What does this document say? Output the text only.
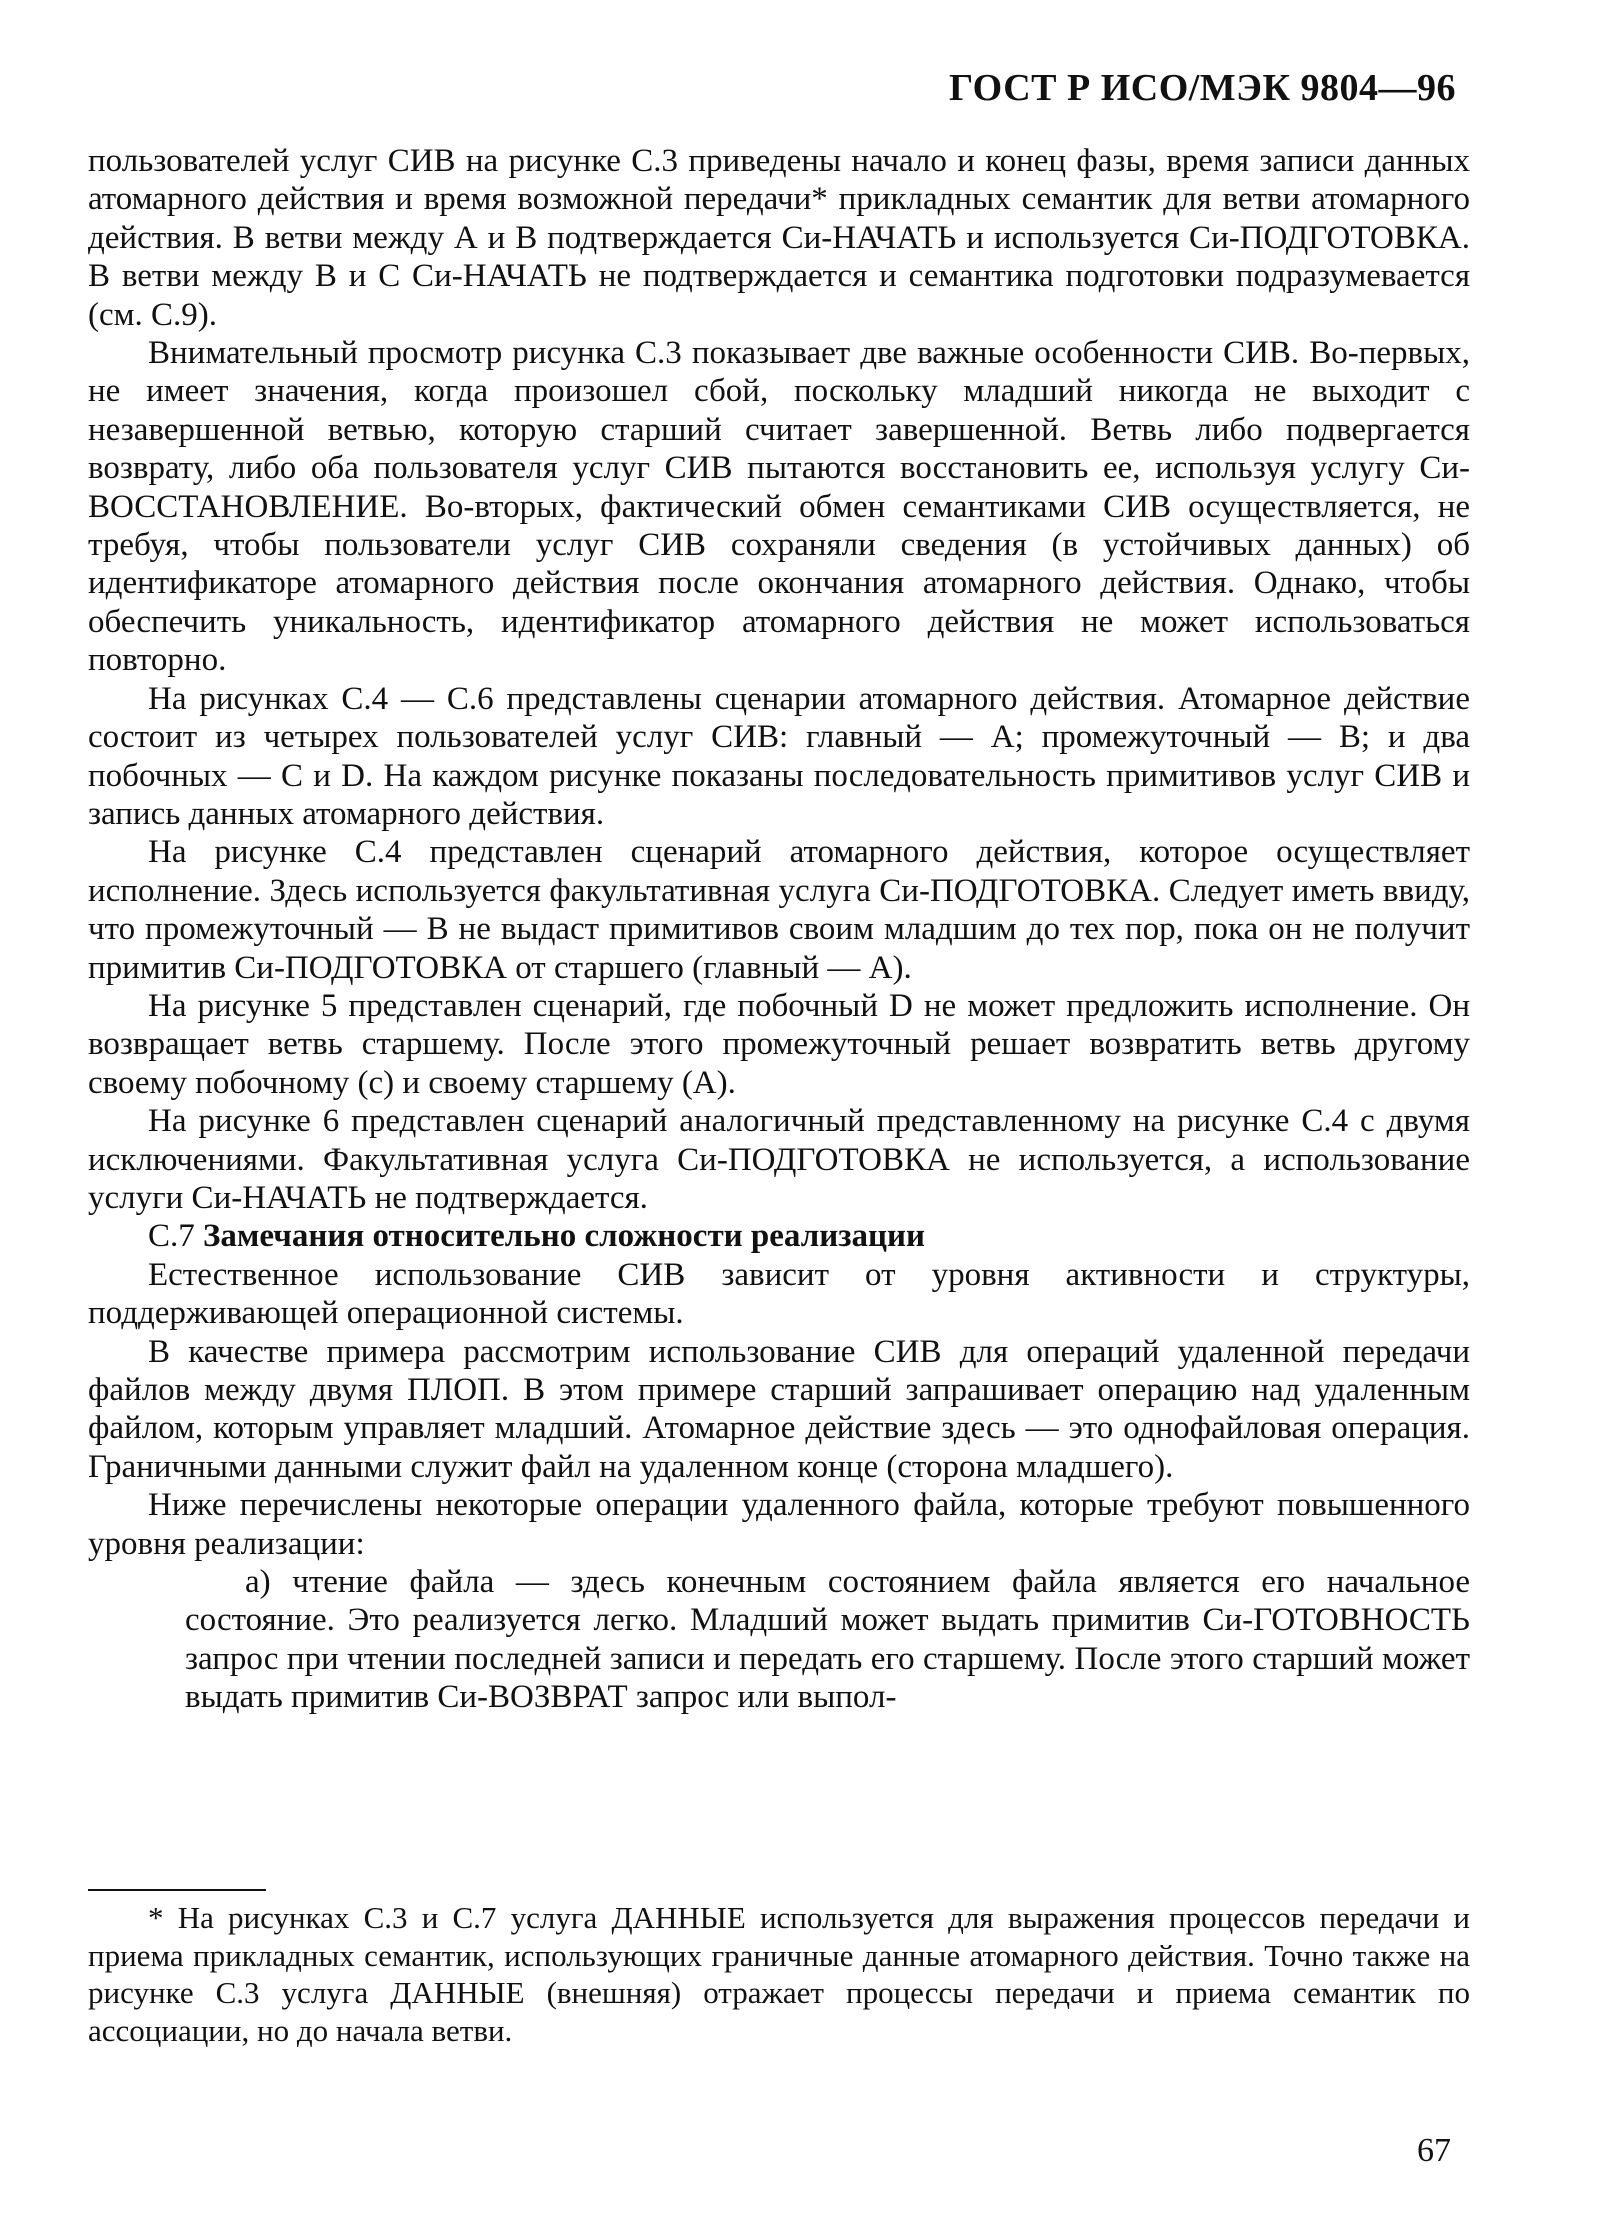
ГОСТ Р ИСО/МЭК 9804—96

пользователей услуг СИВ на рисунке С.3 приведены начало и конец фазы, время записи данных атомарного действия и время возможной передачи* прикладных семантик для ветви атомарного действия. В ветви между А и В подтверждается Си-НАЧАТЬ и используется Си-ПОДГОТОВКА. В ветви между В и С Си-НАЧАТЬ не подтверждается и семантика подготовки подразумевается (см. С.9).

Внимательный просмотр рисунка С.3 показывает две важные особенности СИВ. Во-первых, не имеет значения, когда произошел сбой, поскольку младший никогда не выходит с незавершенной ветвью, которую старший считает завершенной. Ветвь либо подвергается возврату, либо оба пользователя услуг СИВ пытаются восстановить ее, используя услугу Си-ВОССТАНОВЛЕНИЕ. Во-вторых, фактический обмен семантиками СИВ осуществляется, не требуя, чтобы пользователи услуг СИВ сохраняли сведения (в устойчивых данных) об идентификаторе атомарного действия после окончания атомарного действия. Однако, чтобы обеспечить уникальность, идентификатор атомарного действия не может использоваться повторно.

На рисунках С.4 — С.6 представлены сценарии атомарного действия. Атомарное действие состоит из четырех пользователей услуг СИВ: главный — А; промежуточный — В; и два побочных — С и D. На каждом рисунке показаны последовательность примитивов услуг СИВ и запись данных атомарного действия.

На рисунке С.4 представлен сценарий атомарного действия, которое осуществляет исполнение. Здесь используется факультативная услуга Си-ПОДГОТОВКА. Следует иметь ввиду, что промежуточный — В не выдаст примитивов своим младшим до тех пор, пока он не получит примитив Си-ПОДГОТОВКА от старшего (главный — А).

На рисунке 5 представлен сценарий, где побочный D не может предложить исполнение. Он возвращает ветвь старшему. После этого промежуточный решает возвратить ветвь другому своему побочному (с) и своему старшему (А).

На рисунке 6 представлен сценарий аналогичный представленному на рисунке С.4 с двумя исключениями. Факультативная услуга Си-ПОДГОТОВКА не используется, а использование услуги Си-НАЧАТЬ не подтверждается.

С.7 Замечания относительно сложности реализации

Естественное использование СИВ зависит от уровня активности и структуры, поддерживающей операционной системы.

В качестве примера рассмотрим использование СИВ для операций удаленной передачи файлов между двумя ПЛОП. В этом примере старший запрашивает операцию над удаленным файлом, которым управляет младший. Атомарное действие здесь — это однофайловая операция. Граничными данными служит файл на удаленном конце (сторона младшего).

Ниже перечислены некоторые операции удаленного файла, которые требуют повышенного уровня реализации:

а) чтение файла — здесь конечным состоянием файла является его начальное состояние. Это реализуется легко. Младший может выдать примитив Си-ГОТОВНОСТЬ запрос при чтении последней записи и передать его старшему. После этого старший может выдать примитив Си-ВОЗВРАТ запрос или выпол-

* На рисунках С.3 и С.7 услуга ДАННЫЕ используется для выражения процессов передачи и приема прикладных семантик, использующих граничные данные атомарного действия. Точно также на рисунке С.3 услуга ДАННЫЕ (внешняя) отражает процессы передачи и приема семантик по ассоциации, но до начала ветви.

67
